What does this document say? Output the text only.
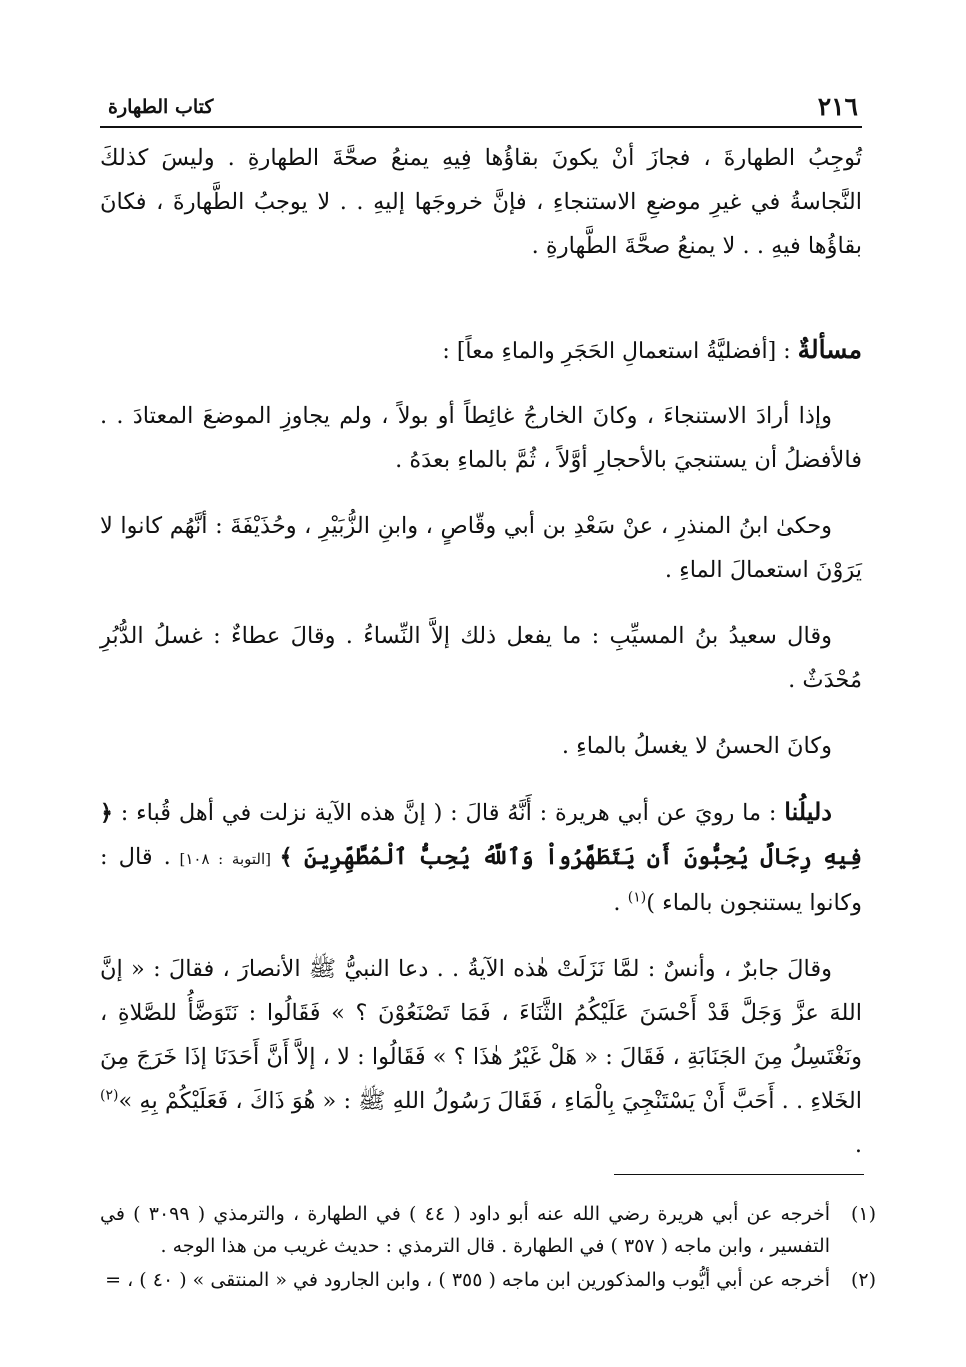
٢١٦
كتاب الطهارة

تُوجِبُ الطهارةَ ، فجازَ أنْ يكونَ بقاؤُها فِيهِ يمنعُ صحَّةَ الطهارةِ . وليسَ كذلكَ النَّجاسةُ في غيرِ موضعِ الاستنجاءِ ، فإنَّ خروجَها إليهِ . . لا يوجبُ الطَّهارةَ ، فكانَ بقاؤُها فيهِ . . لا يمنعُ صحَّةَ الطَّهارةِ .

مسألةٌ : [أفضليَّةُ استعمالِ الحَجَرِ والماءِ معاً] :

وإذا أرادَ الاستنجاءَ ، وكانَ الخارجُ غائِطاً أو بولاً ، ولم يجاوزِ الموضعَ المعتادَ . . فالأفضلُ أن يستنجيَ بالأحجارِ أوَّلاً ، ثُمَّ بالماءِ بعدَهُ .

وحكىٰ ابنُ المنذرِ ، عنْ سَعْدِ بن أبي وقّاصٍ ، وابنِ الزُّبَيْرِ ، وحُذَيْفَةَ : أنَّهُم كانوا لا يَرَوْنَ استعمالَ الماءِ .

وقال سعيدُ بنُ المسيِّبِ : ما يفعل ذلك إلاَّ النِّساءُ . وقالَ عطاءٌ : غسلُ الدُّبُرِ مُحْدَثٌ .

وكانَ الحسنُ لا يغسلُ بالماءِ .

دليلُنا : ما رويَ عن أبي هريرة : أَنَّهُ قالَ : ( إنَّ هذه الآية نزلت في أهل قُباء : ﴿ فِيهِ رِجَالٌ يُحِبُّونَ أَن يَتَطَهَّرُواْ وَٱللَّهُ يُحِبُّ ٱلْمُطَّهِّرِينَ ﴾ [التوبة : ١٠٨] . قال : وكانوا يستنجون بالماء )$^{(١)}$ .

وقالَ جابرٌ ، وأنسٌ : لمَّا نَزَلَتْ هٰذه الآيةُ . . دعا النبيُّ ﷺ الأنصارَ ، فقالَ : « إنَّ اللهَ عزَّ وَجَلَّ قَدْ أَحْسَنَ عَلَيْكُمُ الثَّنَاءَ ، فَمَا تَصْنَعُوْنَ ؟ » فَقَالُوا : نَتَوَضَّأُ للصَّلاةِ ، ونَغْتَسِلُ مِنَ الجَنَابَةِ ، فَقَالَ : « هَلْ غَيْرُ هٰذَا ؟ » فَقَالُوا : لا ، إلاَّ أَنَّ أَحَدَنَا إذَا خَرَجَ مِنَ الخَلاءِ . . أَحَبَّ أَنْ يَسْتَنْجِيَ بِالْمَاءِ ، فَقَالَ رَسُولُ اللهِ ﷺ : « هُوَ ذَاكَ ، فَعَلَيْكُمْ بِهِ »$^{(٢)}$ .

(١)
أخرجه عن أبي هريرة رضي الله عنه أبو داود ( ٤٤ ) في الطهارة ، والترمذي ( ٣٠٩٩ ) في التفسير ، وابن ماجه ( ٣٥٧ ) في الطهارة . قال الترمذي : حديث غريب من هذا الوجه .

(٢)
أخرجه عن أبي أيُّوب والمذكورين ابن ماجه ( ٣٥٥ ) ، وابن الجارود في « المنتقى » ( ٤٠ ) ، =
